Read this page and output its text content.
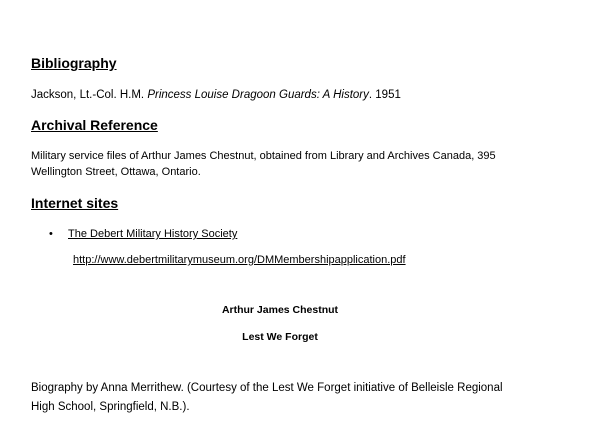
Bibliography

Jackson, Lt.-Col. H.M. Princess Louise Dragoon Guards: A History. 1951

Archival Reference

Military service files of Arthur James Chestnut, obtained from Library and Archives Canada, 395

Wellington Street, Ottawa, Ontario.

Internet sites
• The Debert Military History Society

http://www.debertmilitarymuseum.org/DMMembershipapplication.pdf

Arthur James Chestnut

Lest We Forget

Biography by Anna Merrithew. (Courtesy of the Lest We Forget initiative of Belleisle Regional

High School, Springfield, N.B.).
